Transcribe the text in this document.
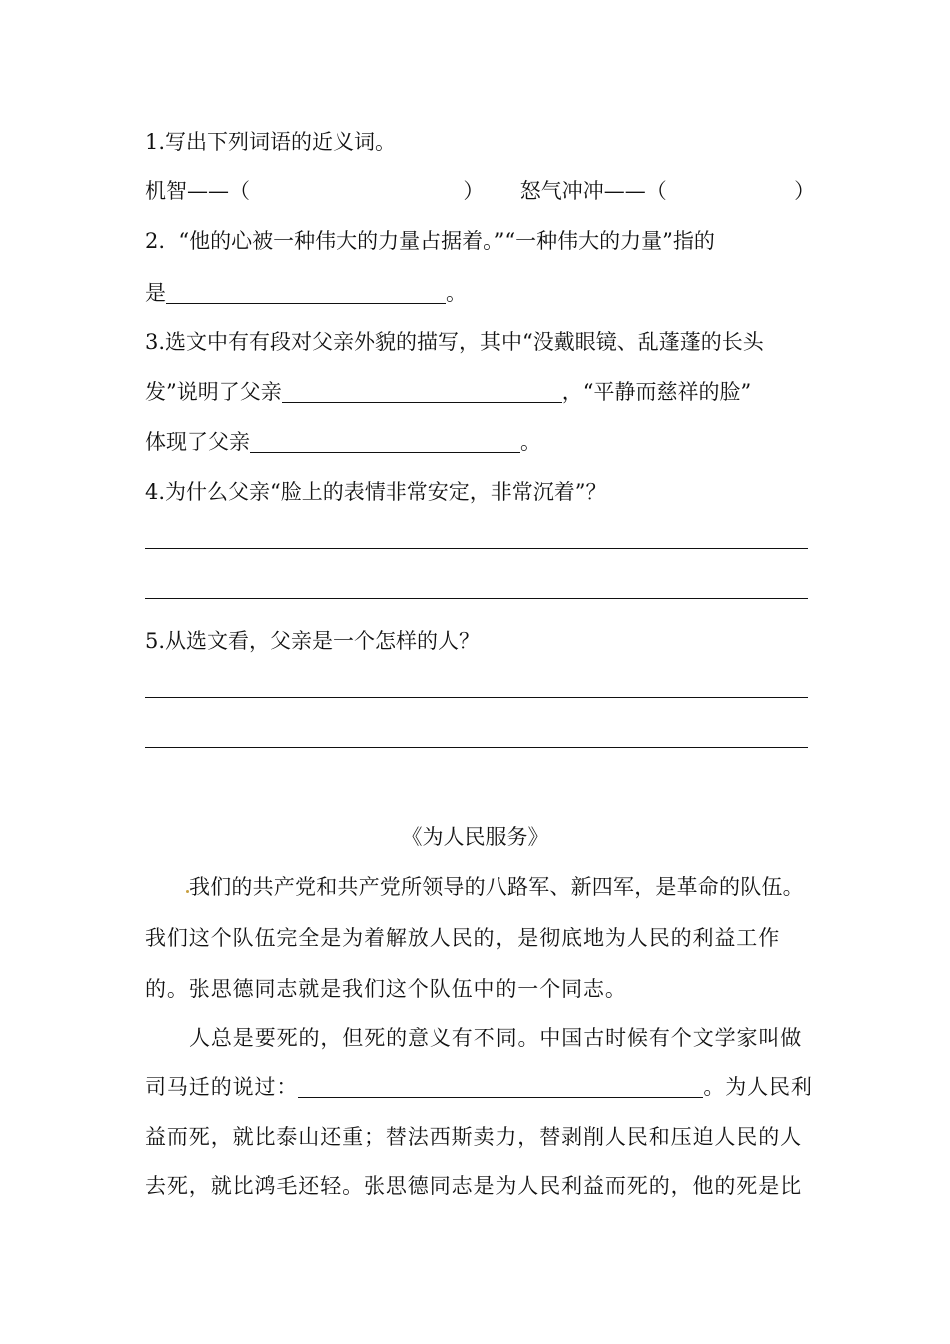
1.写出下列词语的近义词。
机智——（	） 怒气冲冲——（	）
2.  “他的心被一种伟大的力量占据着。”“一种伟大的力量”指的
是	。
3.选文中有有段对父亲外貌的描写，其中“没戴眼镜、乱蓬蓬的长头
发”说明了父亲	，“平静而慈祥的脸”
体现了父亲	。
4.为什么父亲“脸上的表情非常安定，非常沉着”？
5.从选文看，父亲是一个怎样的人？
《为人民服务》
我们的共产党和共产党所领导的八路军、新四军，是革命的队伍。
我们这个队伍完全是为着解放人民的，是彻底地为人民的利益工作
的。张思德同志就是我们这个队伍中的一个同志。
人总是要死的，但死的意义有不同。中国古时候有个文学家叫做
司马迁的说过：	。为人民利
益而死，就比泰山还重；替法西斯卖力，替剥削人民和压迫人民的人
去死，就比鸿毛还轻。张思德同志是为人民利益而死的，他的死是比
